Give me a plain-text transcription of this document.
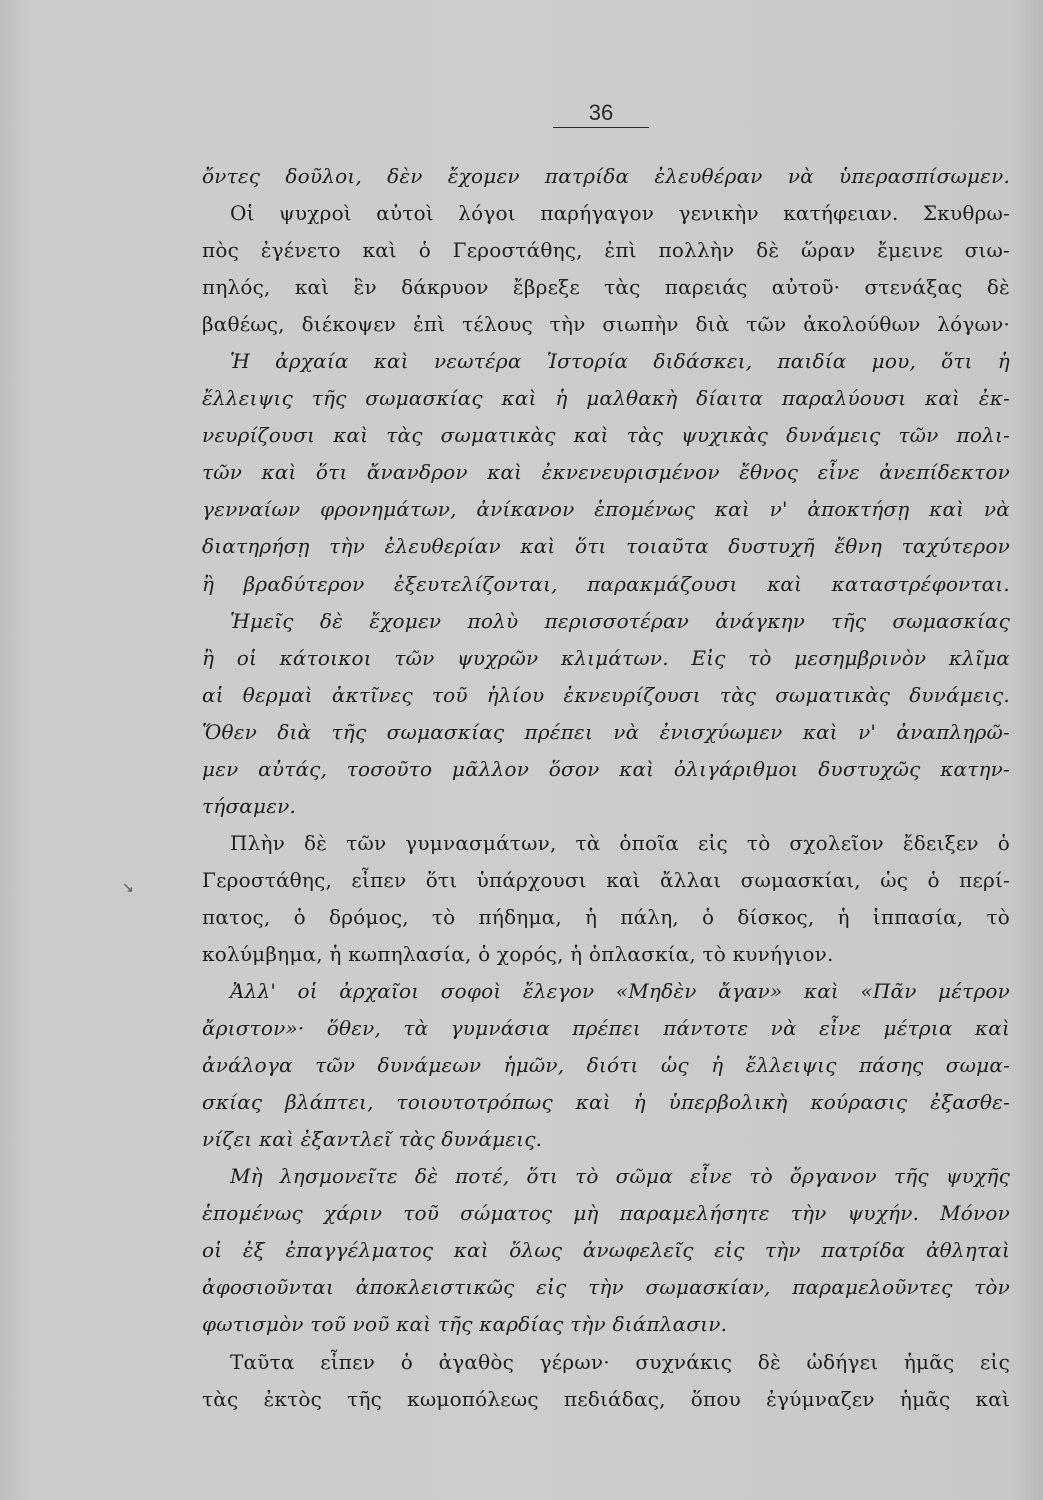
36
ὄντες δοῦλοι, δὲν ἔχομεν πατρίδα ἐλευθέραν νὰ ὑπερασπίσωμεν.
Οἱ ψυχροὶ αὐτοὶ λόγοι παρήγαγον γενικὴν κατήφειαν. Σκυθρω-
πὸς ἐγένετο καὶ ὁ Γεροστάθης, ἐπὶ πολλὴν δὲ ὥραν ἔμεινε σιω-
πηλός, καὶ ἓν δάκρυον ἔβρεξε τὰς παρειάς αὐτοῦ· στενάξας δὲ
βαθέως, διέκοψεν ἐπὶ τέλους τὴν σιωπὴν διὰ τῶν ἀκολούθων λόγων·
Ἡ ἀρχαία καὶ νεωτέρα Ἱστορία διδάσκει, παιδία μου, ὅτι ἡ
ἔλλειψις τῆς σωμασκίας καὶ ἡ μαλθακὴ δίαιτα παραλύουσι καὶ ἐκ-
νευρίζουσι καὶ τὰς σωματικὰς καὶ τὰς ψυχικὰς δυνάμεις τῶν πολι-
τῶν καὶ ὅτι ἄνανδρον καὶ ἐκνενευρισμένον ἔθνος εἶνε ἀνεπίδεκτον
γενναίων φρονημάτων, ἀνίκανον ἑπομένως καὶ ν' ἀποκτήσῃ καὶ νὰ
διατηρήσῃ τὴν ἐλευθερίαν καὶ ὅτι τοιαῦτα δυστυχῆ ἔθνη ταχύτερον
ἢ βραδύτερον ἐξευτελίζονται, παρακμάζουσι καὶ καταστρέφονται.
Ἡμεῖς δὲ ἔχομεν πολὺ περισσοτέραν ἀνάγκην τῆς σωμασκίας
ἢ οἱ κάτοικοι τῶν ψυχρῶν κλιμάτων. Εἰς τὸ μεσημβρινὸν κλῖμα
αἱ θερμαὶ ἀκτῖνες τοῦ ἡλίου ἐκνευρίζουσι τὰς σωματικὰς δυνάμεις.
Ὅθεν διὰ τῆς σωμασκίας πρέπει νὰ ἐνισχύωμεν καὶ ν' ἀναπληρῶ-
μεν αὐτάς, τοσοῦτο μᾶλλον ὅσον καὶ ὀλιγάριθμοι δυστυχῶς κατην-
τήσαμεν.
Πλὴν δὲ τῶν γυμνασμάτων, τὰ ὁποῖα εἰς τὸ σχολεῖον ἔδειξεν ὁ
Γεροστάθης, εἶπεν ὅτι ὑπάρχουσι καὶ ἄλλαι σωμασκίαι, ὡς ὁ περί-
πατος, ὁ δρόμος, τὸ πήδημα, ἡ πάλη, ὁ δίσκος, ἡ ἱππασία, τὸ
κολύμβημα, ἡ κωπηλασία, ὁ χορός, ἡ ὁπλασκία, τὸ κυνήγιον.
Ἀλλ' οἱ ἀρχαῖοι σοφοὶ ἔλεγον «Μηδὲν ἄγαν» καὶ «Πᾶν μέτρον
ἄριστον»· ὅθεν, τὰ γυμνάσια πρέπει πάντοτε νὰ εἶνε μέτρια καὶ
ἀνάλογα τῶν δυνάμεων ἡμῶν, διότι ὡς ἡ ἔλλειψις πάσης σωμα-
σκίας βλάπτει, τοιουτοτρόπως καὶ ἡ ὑπερβολικὴ κούρασις ἐξασθε-
νίζει καὶ ἐξαντλεῖ τὰς δυνάμεις.
Μὴ λησμονεῖτε δὲ ποτέ, ὅτι τὸ σῶμα εἶνε τὸ ὄργανον τῆς ψυχῆς
ἑπομένως χάριν τοῦ σώματος μὴ παραμελήσητε τὴν ψυχήν. Μόνον
οἱ ἐξ ἐπαγγέλματος καὶ ὅλως ἀνωφελεῖς εἰς τὴν πατρίδα ἀθληταὶ
ἀφοσιοῦνται ἀποκλειστικῶς εἰς τὴν σωμασκίαν, παραμελοῦντες τὸν
φωτισμὸν τοῦ νοῦ καὶ τῆς καρδίας τὴν διάπλασιν.
Ταῦτα εἶπεν ὁ ἀγαθὸς γέρων· συχνάκις δὲ ὡδήγει ἡμᾶς εἰς
τὰς ἐκτὸς τῆς κωμοπόλεως πεδιάδας, ὅπου ἐγύμναζεν ἡμᾶς καὶ
↘
